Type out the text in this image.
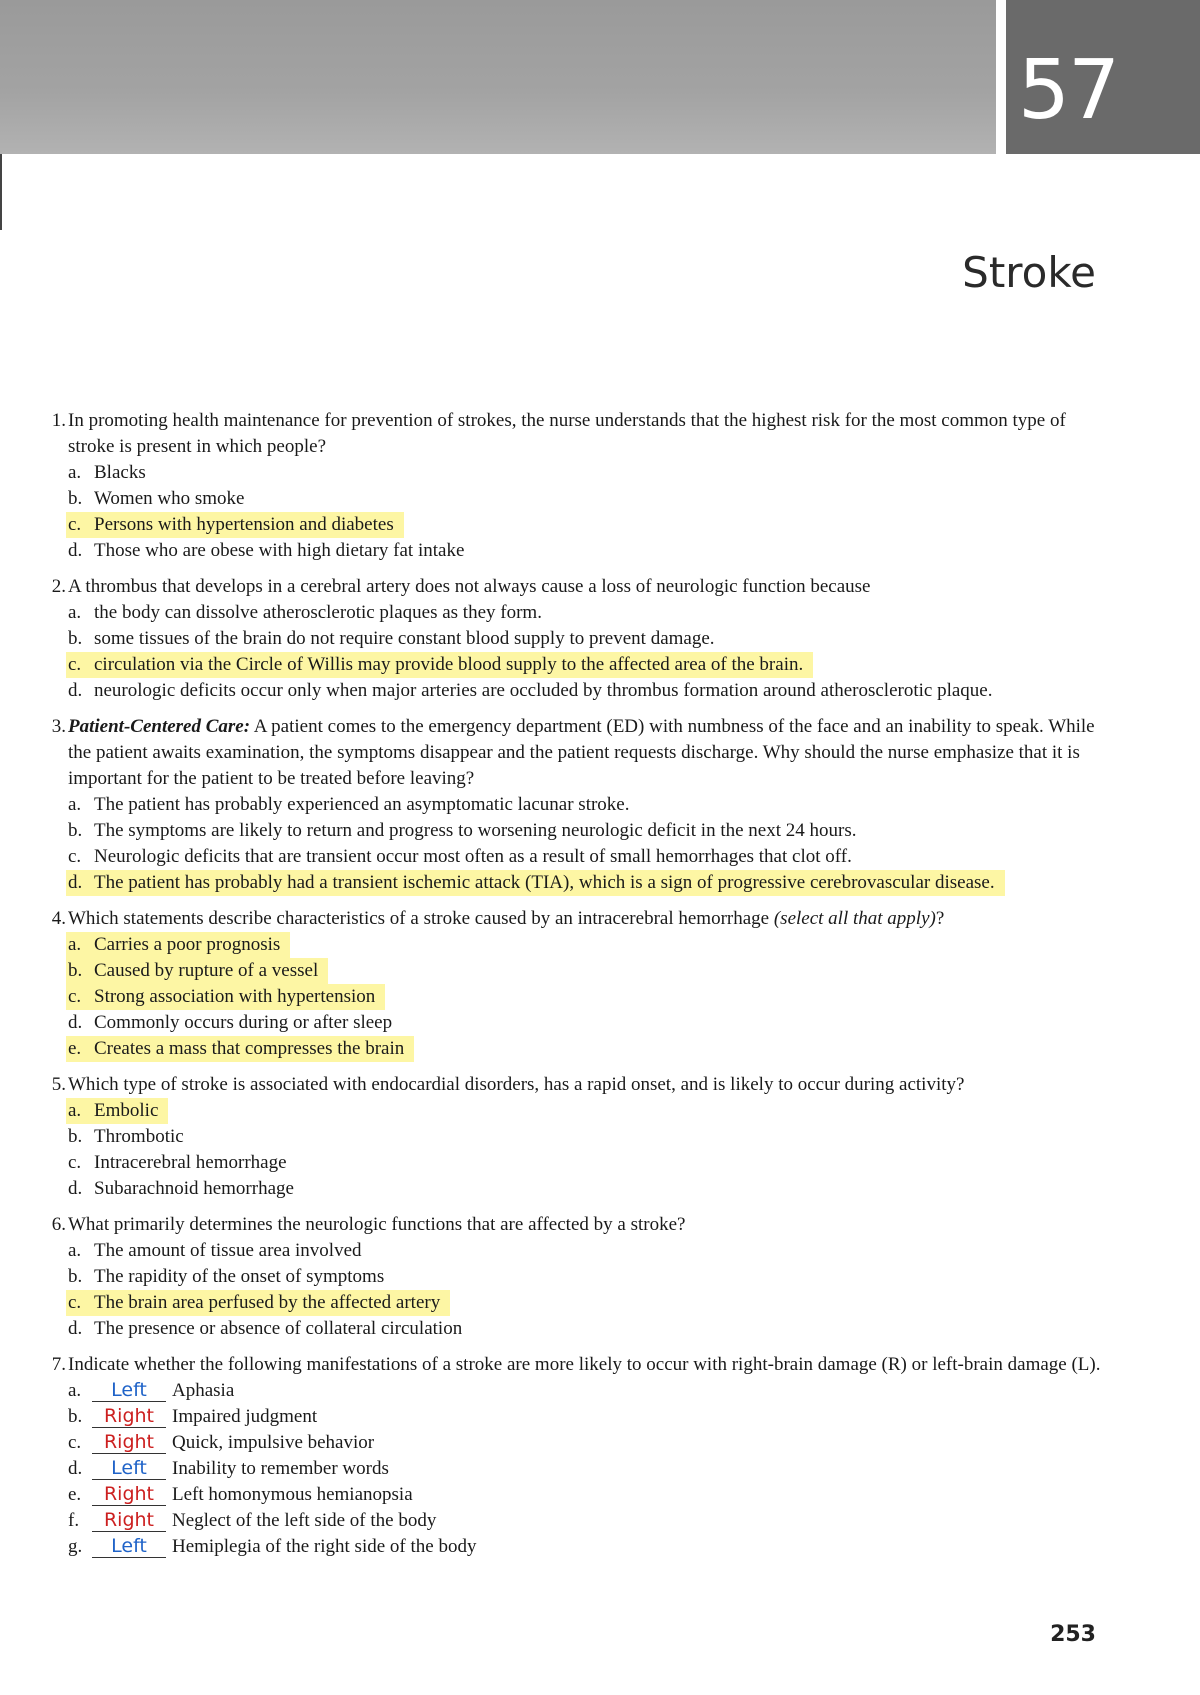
57
Stroke
1. In promoting health maintenance for prevention of strokes, the nurse understands that the highest risk for the most common type of stroke is present in which people?
a. Blacks
b. Women who smoke
c. Persons with hypertension and diabetes
d. Those who are obese with high dietary fat intake
2. A thrombus that develops in a cerebral artery does not always cause a loss of neurologic function because
a. the body can dissolve atherosclerotic plaques as they form.
b. some tissues of the brain do not require constant blood supply to prevent damage.
c. circulation via the Circle of Willis may provide blood supply to the affected area of the brain.
d. neurologic deficits occur only when major arteries are occluded by thrombus formation around atherosclerotic plaque.
3. Patient-Centered Care: A patient comes to the emergency department (ED) with numbness of the face and an inability to speak. While the patient awaits examination, the symptoms disappear and the patient requests discharge. Why should the nurse emphasize that it is important for the patient to be treated before leaving?
a. The patient has probably experienced an asymptomatic lacunar stroke.
b. The symptoms are likely to return and progress to worsening neurologic deficit in the next 24 hours.
c. Neurologic deficits that are transient occur most often as a result of small hemorrhages that clot off.
d. The patient has probably had a transient ischemic attack (TIA), which is a sign of progressive cerebrovascular disease.
4. Which statements describe characteristics of a stroke caused by an intracerebral hemorrhage (select all that apply)?
a. Carries a poor prognosis
b. Caused by rupture of a vessel
c. Strong association with hypertension
d. Commonly occurs during or after sleep
e. Creates a mass that compresses the brain
5. Which type of stroke is associated with endocardial disorders, has a rapid onset, and is likely to occur during activity?
a. Embolic
b. Thrombotic
c. Intracerebral hemorrhage
d. Subarachnoid hemorrhage
6. What primarily determines the neurologic functions that are affected by a stroke?
a. The amount of tissue area involved
b. The rapidity of the onset of symptoms
c. The brain area perfused by the affected artery
d. The presence or absence of collateral circulation
7. Indicate whether the following manifestations of a stroke are more likely to occur with right-brain damage (R) or left-brain damage (L).
a. Left Aphasia
b. Right Impaired judgment
c. Right Quick, impulsive behavior
d. Left Inability to remember words
e. Right Left homonymous hemianopsia
f. Right Neglect of the left side of the body
g. Left Hemiplegia of the right side of the body
253
